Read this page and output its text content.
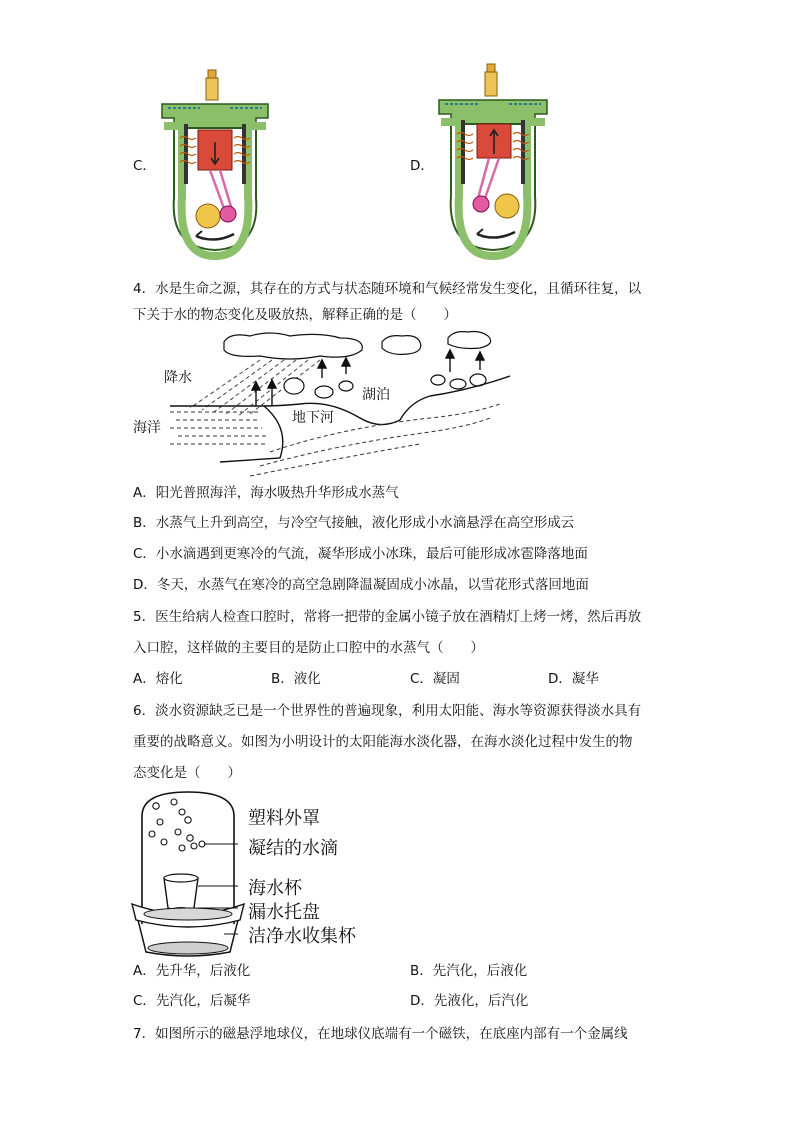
C．	D．
4．水是生命之源，其存在的方式与状态随环境和气候经常发生变化，且循环往复，以
下关于水的物态变化及吸放热，解释正确的是（　　）
降水
海洋
湖泊
地下河
A．阳光普照海洋，海水吸热升华形成水蒸气
B．水蒸气上升到高空，与冷空气接触，液化形成小水滴悬浮在高空形成云
C．小水滴遇到更寒冷的气流，凝华形成小冰珠，最后可能形成冰雹降落地面
D．冬天，水蒸气在寒冷的高空急剧降温凝固成小冰晶，以雪花形式落回地面
5．医生给病人检查口腔时，常将一把带的金属小镜子放在酒精灯上烤一烤，然后再放
入口腔，这样做的主要目的是防止口腔中的水蒸气（　　）
A．熔化	B．液化	C．凝固	D．凝华
6．淡水资源缺乏已是一个世界性的普遍现象，利用太阳能、海水等资源获得淡水具有
重要的战略意义。如图为小明设计的太阳能海水淡化器，在海水淡化过程中发生的物
态变化是（　　）
塑料外罩
凝结的水滴
海水杯
漏水托盘
洁净水收集杯
A．先升华，后液化	B．先汽化，后液化
C．先汽化，后凝华	D．先液化，后汽化
7．如图所示的磁悬浮地球仪，在地球仪底端有一个磁铁，在底座内部有一个金属线
